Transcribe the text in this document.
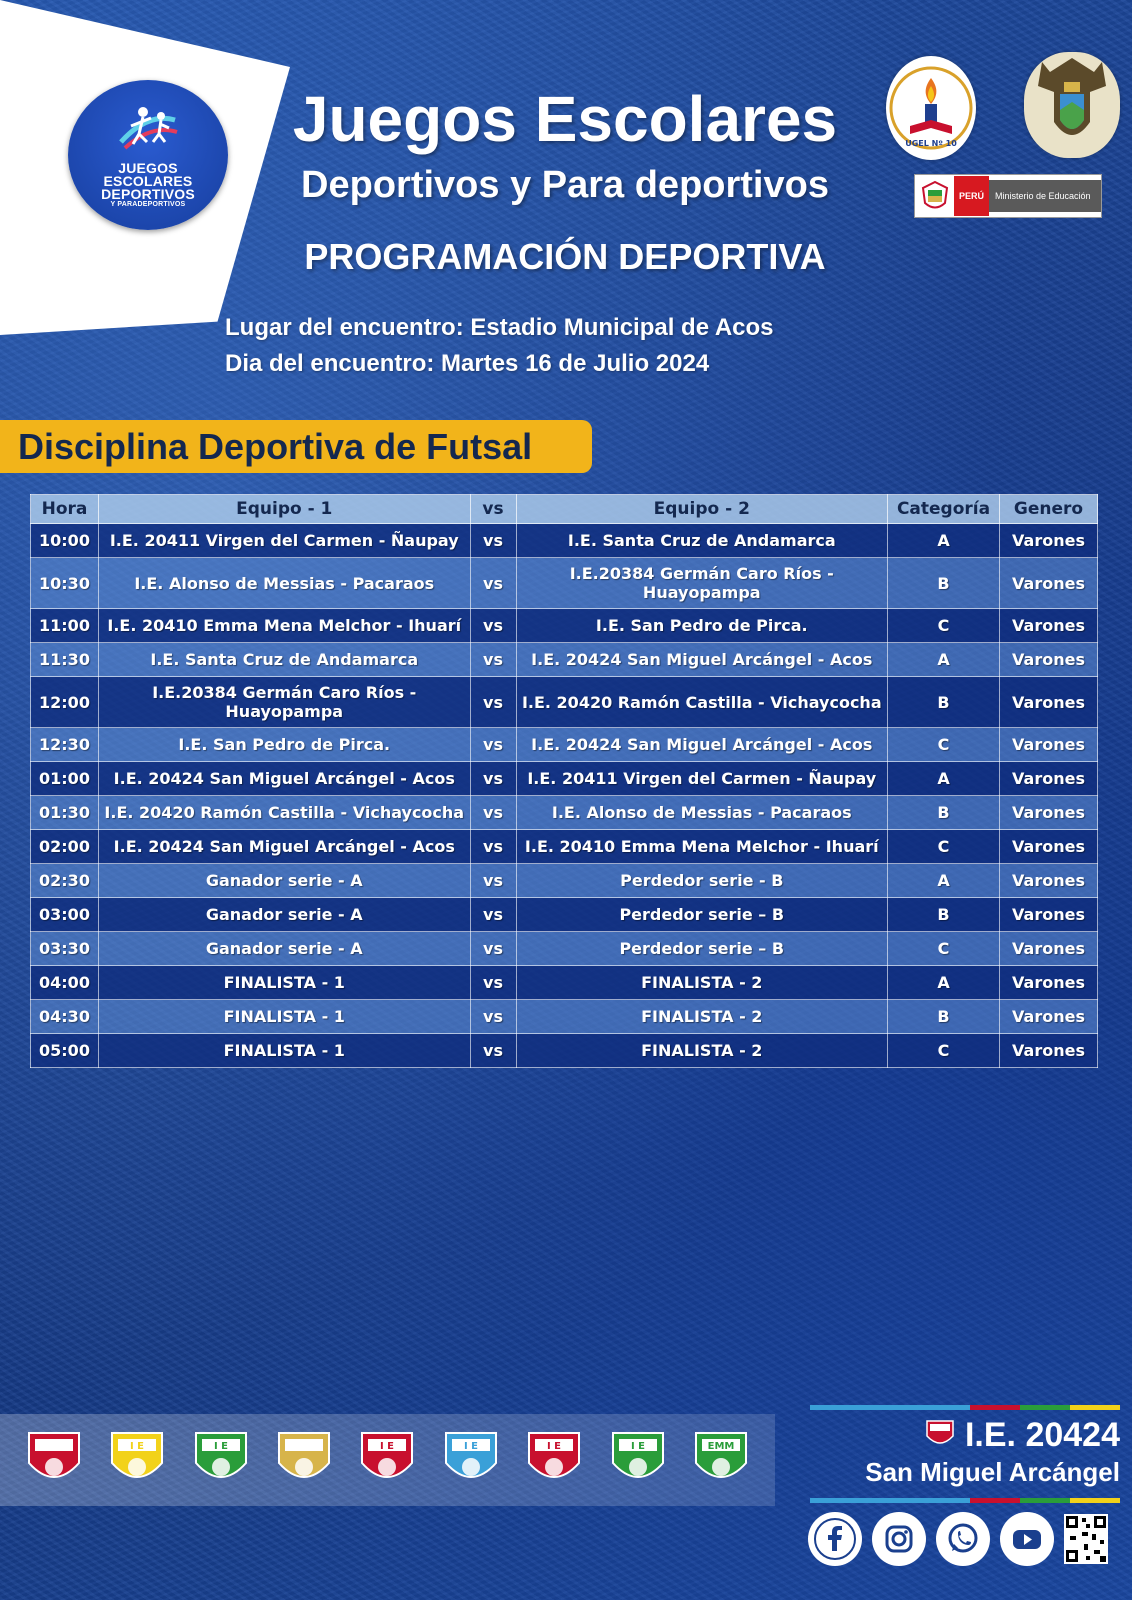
JUEGOS
ESCOLARES
DEPORTIVOS
Y PARADEPORTIVOS
Juegos Escolares
Deportivos y Para deportivos
PROGRAMACIÓN DEPORTIVA
Lugar del encuentro: Estadio Municipal de Acos
Dia del encuentro: Martes 16 de Julio 2024
UGEL Nº 10
PERÚ	Ministerio de Educación
Disciplina Deportiva de Futsal
Hora	Equipo - 1	vs	Equipo - 2	Categoría	Genero
10:00	I.E. 20411 Virgen del Carmen - Ñaupay	vs	I.E. Santa Cruz de Andamarca	A	Varones
10:30	I.E. Alonso de Messias - Pacaraos	vs	I.E.20384 Germán Caro Ríos - Huayopampa	B	Varones
11:00	I.E. 20410 Emma Mena Melchor - Ihuarí	vs	I.E. San Pedro de Pirca.	C	Varones
11:30	I.E. Santa Cruz de Andamarca	vs	I.E. 20424 San Miguel Arcángel - Acos	A	Varones
12:00	I.E.20384 Germán Caro Ríos - Huayopampa	vs	I.E. 20420 Ramón Castilla - Vichaycocha	B	Varones
12:30	I.E. San Pedro de Pirca.	vs	I.E. 20424 San Miguel Arcángel - Acos	C	Varones
01:00	I.E. 20424 San Miguel Arcángel - Acos	vs	I.E. 20411 Virgen del Carmen - Ñaupay	A	Varones
01:30	I.E. 20420 Ramón Castilla - Vichaycocha	vs	I.E. Alonso de Messias - Pacaraos	B	Varones
02:00	I.E. 20424 San Miguel Arcángel - Acos	vs	I.E. 20410 Emma Mena Melchor - Ihuarí	C	Varones
02:30	Ganador serie - A	vs	Perdedor serie - B	A	Varones
03:00	Ganador serie - A	vs	Perdedor serie – B	B	Varones
03:30	Ganador serie - A	vs	Perdedor serie – B	C	Varones
04:00	FINALISTA - 1	vs	FINALISTA - 2	A	Varones
04:30	FINALISTA - 1	vs	FINALISTA - 2	B	Varones
05:00	FINALISTA - 1	vs	FINALISTA - 2	C	Varones
I E	I E	I E	I E	I E	I E	EMM	I.E. 20424
San Miguel Arcángel
